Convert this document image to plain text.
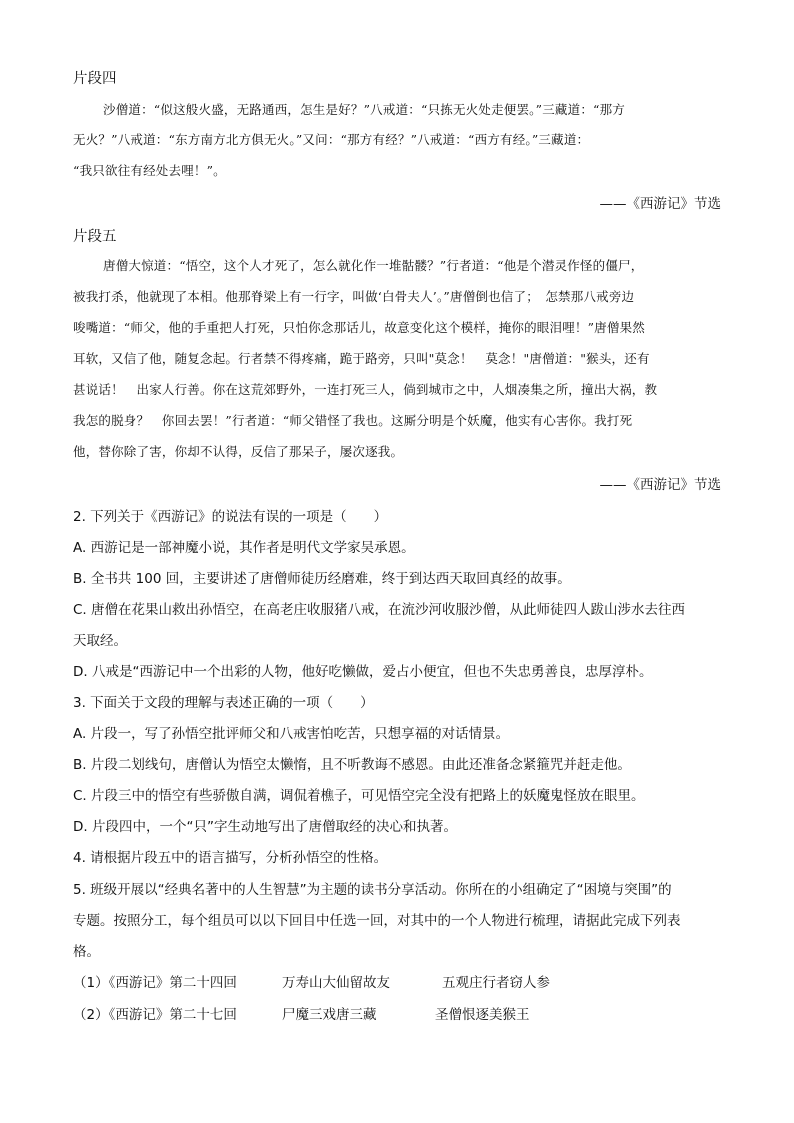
片段四
沙僧道：“似这般火盛，无路通西，怎生是好？”八戒道：“只拣无火处走便罢。”三藏道：“那方
无火？”八戒道：“东方南方北方俱无火。”又问：“那方有经？”八戒道：“西方有经。”三藏道：
“我只欲往有经处去哩！”。
——《西游记》节选
片段五
唐僧大惊道：“悟空，这个人才死了，怎么就化作一堆骷髅？”行者道：“他是个潜灵作怪的僵尸，
被我打杀，他就现了本相。他那脊梁上有一行字，叫做‘白骨夫人’。”唐僧倒也信了；　怎禁那八戒旁边
唆嘴道：“师父，他的手重把人打死，只怕你念那话儿，故意变化这个模样，掩你的眼泪哩！”唐僧果然
耳软，又信了他，随复念起。行者禁不得疼痛，跪于路旁，只叫"莫念！　莫念！"唐僧道："猴头，还有
甚说话！　出家人行善。你在这荒郊野外，一连打死三人，倘到城市之中，人烟凑集之所，撞出大祸，教
我怎的脱身？　你回去罢！”行者道：“师父错怪了我也。这厮分明是个妖魔，他实有心害你。我打死
他，替你除了害，你却不认得，反信了那呆子，屡次逐我。
——《西游记》节选
2. 下列关于《西游记》的说法有误的一项是（　　）
A. 西游记是一部神魔小说，其作者是明代文学家吴承恩。
B. 全书共 100 回，主要讲述了唐僧师徒历经磨难，终于到达西天取回真经的故事。
C. 唐僧在花果山救出孙悟空，在高老庄收服猪八戒，在流沙河收服沙僧，从此师徒四人跋山涉水去往西
天取经。
D. 八戒是“西游记中一个出彩的人物，他好吃懒做，爱占小便宜，但也不失忠勇善良，忠厚淳朴。
3. 下面关于文段的理解与表述正确的一项（　　）
A. 片段一，写了孙悟空批评师父和八戒害怕吃苦，只想享福的对话情景。
B. 片段二划线句，唐僧认为悟空太懒惰，且不听教诲不感恩。由此还准备念紧箍咒并赶走他。
C. 片段三中的悟空有些骄傲自满，调侃着樵子，可见悟空完全没有把路上的妖魔鬼怪放在眼里。
D. 片段四中，一个“只”字生动地写出了唐僧取经的决心和执著。
4. 请根据片段五中的语言描写，分析孙悟空的性格。
5. 班级开展以“经典名著中的人生智慧”为主题的读书分享活动。你所在的小组确定了“困境与突围”的
专题。按照分工，每个组员可以以下回目中任选一回，对其中的一个人物进行梳理，请据此完成下列表
格。
（1）《西游记》第二十四回	万寿山大仙留故友	五观庄行者窃人参
（2）《西游记》第二十七回	尸魔三戏唐三藏	圣僧恨逐美猴王
